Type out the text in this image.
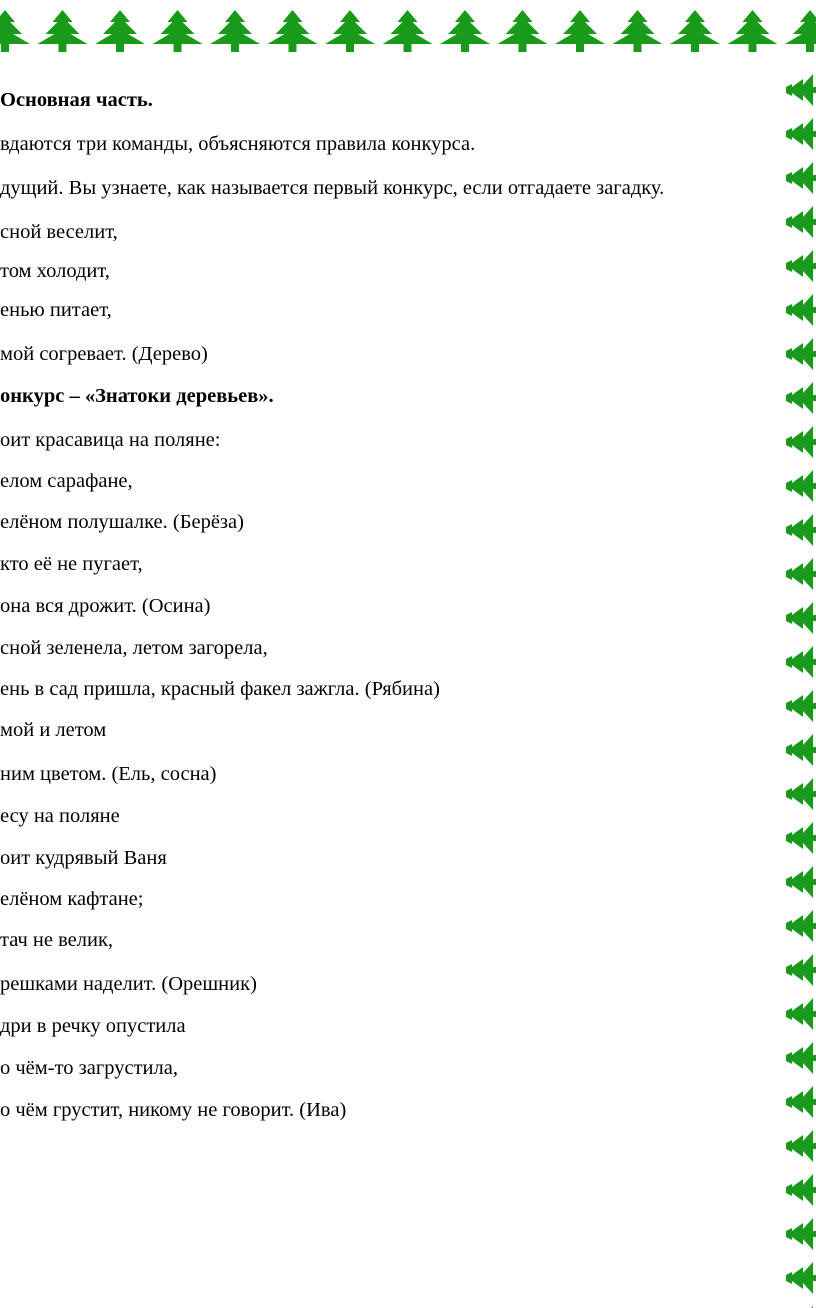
Основная часть.
вдаются три команды, объясняются правила конкурса.
дущий. Вы узнаете, как называется первый конкурс, если отгадаете загадку.
сной веселит,
том холодит,
енью питает,
мой согревает. (Дерево)
онкурс – «Знатоки деревьев».
оит красавица на поляне:
елом сарафане,
елёном полушалке. (Берёза)
кто её не пугает,
она вся дрожит. (Осина)
сной зеленела, летом загорела,
ень в сад пришла, красный факел зажгла. (Рябина)
мой и летом
ним цветом. (Ель, сосна)
есу на поляне
оит кудрявый Ваня
елёном кафтане;
тач не велик,
решками наделит. (Орешник)
дри в речку опустила
о чём-то загрустила,
о чём грустит, никому не говорит. (Ива)
